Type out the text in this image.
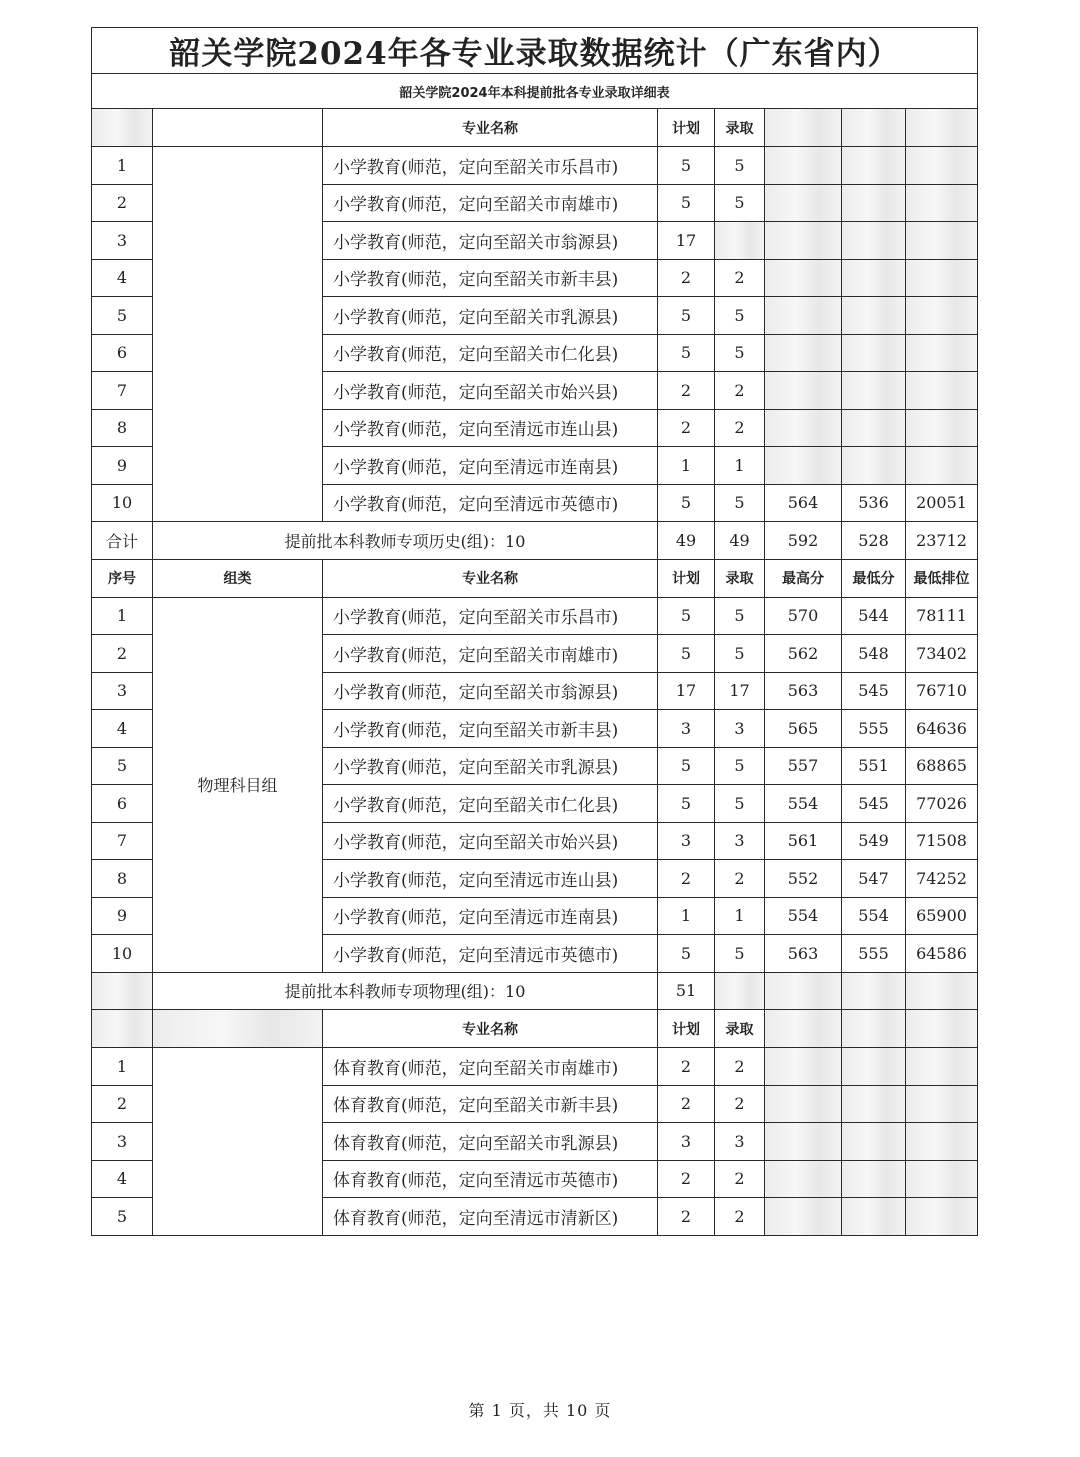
韶关学院2024年各专业录取数据统计（广东省内）							
韶关学院2024年本科提前批各专业录取详细表							
		专业名称	计划	录取			
1		小学教育(师范，定向至韶关市乐昌市)	5	5			
2		小学教育(师范，定向至韶关市南雄市)	5	5			
3		小学教育(师范，定向至韶关市翁源县)	17				
4		小学教育(师范，定向至韶关市新丰县)	2	2			
5		小学教育(师范，定向至韶关市乳源县)	5	5			
6		小学教育(师范，定向至韶关市仁化县)	5	5			
7		小学教育(师范，定向至韶关市始兴县)	2	2			
8		小学教育(师范，定向至清远市连山县)	2	2			
9		小学教育(师范，定向至清远市连南县)	1	1			
10		小学教育(师范，定向至清远市英德市)	5	5	564	536	20051
合计	提前批本科教师专项历史(组)：10		49	49	592	528	23712
序号	组类	专业名称	计划	录取	最高分	最低分	最低排位
1	物理科目组	小学教育(师范，定向至韶关市乐昌市)	5	5	570	544	78111
2		小学教育(师范，定向至韶关市南雄市)	5	5	562	548	73402
3		小学教育(师范，定向至韶关市翁源县)	17	17	563	545	76710
4		小学教育(师范，定向至韶关市新丰县)	3	3	565	555	64636
5		小学教育(师范，定向至韶关市乳源县)	5	5	557	551	68865
6		小学教育(师范，定向至韶关市仁化县)	5	5	554	545	77026
7		小学教育(师范，定向至韶关市始兴县)	3	3	561	549	71508
8		小学教育(师范，定向至清远市连山县)	2	2	552	547	74252
9		小学教育(师范，定向至清远市连南县)	1	1	554	554	65900
10		小学教育(师范，定向至清远市英德市)	5	5	563	555	64586
	提前批本科教师专项物理(组)：10		51				
		专业名称	计划	录取			
1		体育教育(师范，定向至韶关市南雄市)	2	2			
2		体育教育(师范，定向至韶关市新丰县)	2	2			
3		体育教育(师范，定向至韶关市乳源县)	3	3			
4		体育教育(师范，定向至清远市英德市)	2	2			
5		体育教育(师范，定向至清远市清新区)	2	2			
第 1 页，共 10 页
